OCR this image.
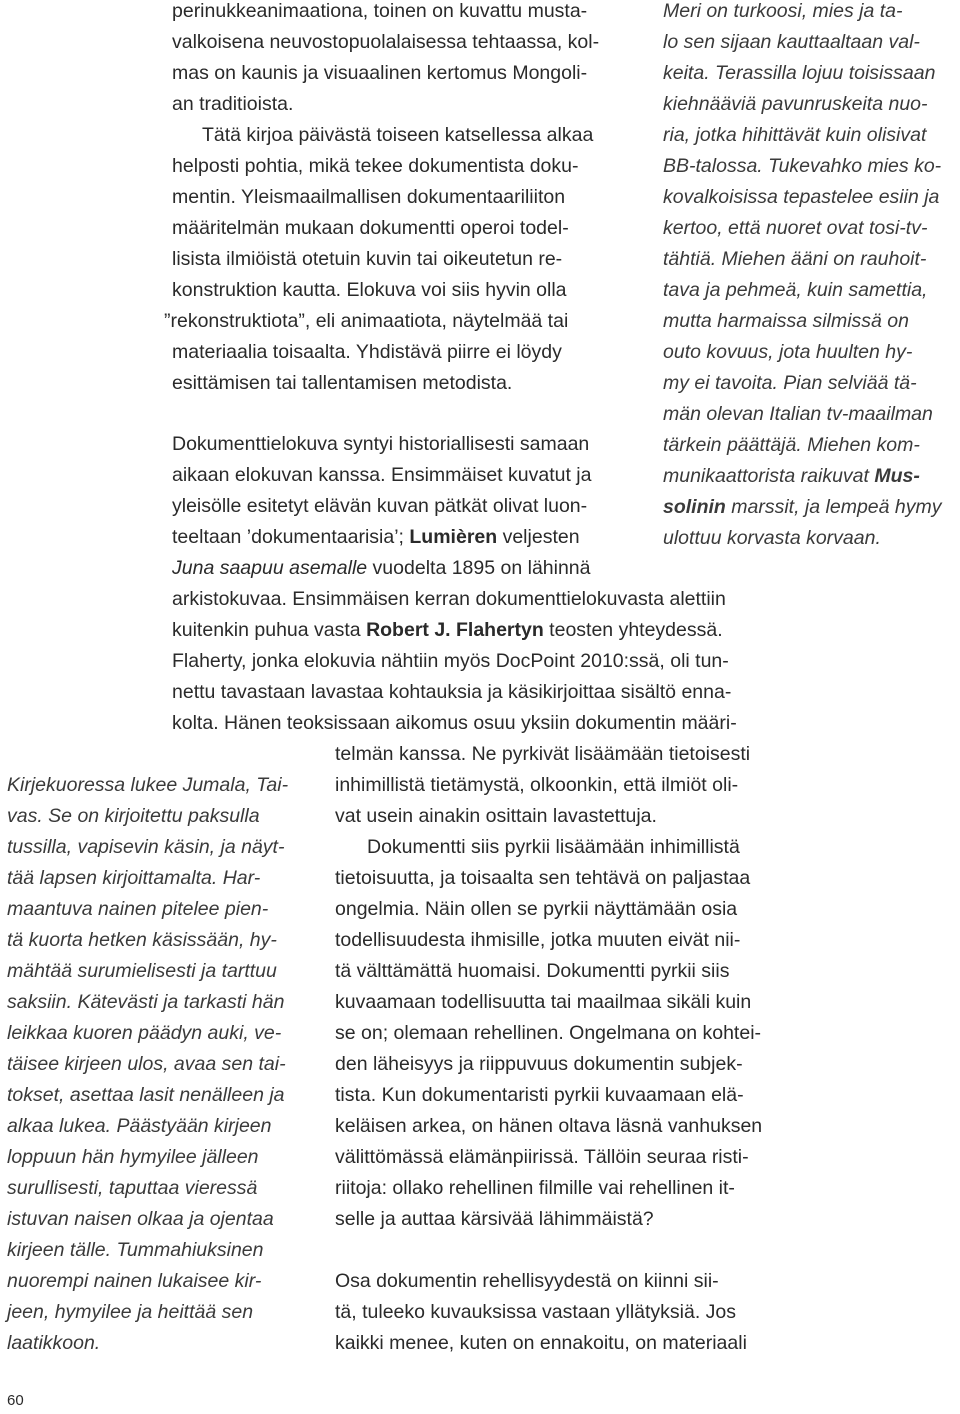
perinukkeanimaationa, toinen on kuvattu musta-
valkoisena neuvostopuolalaisessa tehtaassa, kol-
mas on kaunis ja visuaalinen kertomus Mongoli-
an traditioista.
Tätä kirjoa päivästä toiseen katsellessa alkaa
helposti pohtia, mikä tekee dokumentista doku-
mentin. Yleismaailmallisen dokumentaariliiton
määritelmän mukaan dokumentti operoi todel-
lisista ilmiöistä otetuin kuvin tai oikeutetun re-
konstruktion kautta. Elokuva voi siis hyvin olla
”rekonstruktiota”, eli animaatiota, näytelmää tai
materiaalia toisaalta. Yhdistävä piirre ei löydy
esittämisen tai tallentamisen metodista.
Dokumenttielokuva syntyi historiallisesti samaan
aikaan elokuvan kanssa. Ensimmäiset kuvatut ja
yleisölle esitetyt elävän kuvan pätkät olivat luon-
teeltaan ’dokumentaarisia’; Lumièren veljesten
Juna saapuu asemalle vuodelta 1895 on lähinnä
arkistokuvaa. Ensimmäisen kerran dokumenttielokuvasta alettiin
kuitenkin puhua vasta Robert J. Flahertyn teosten yhteydessä.
Flaherty, jonka elokuvia nähtiin myös DocPoint 2010:ssä, oli tun-
nettu tavastaan lavastaa kohtauksia ja käsikirjoittaa sisältö enna-
kolta. Hänen teoksissaan aikomus osuu yksiin dokumentin määri-
telmän kanssa. Ne pyrkivät lisäämään tietoisesti
inhimillistä tietämystä, olkoonkin, että ilmiöt oli-
vat usein ainakin osittain lavastettuja.
Dokumentti siis pyrkii lisäämään inhimillistä
tietoisuutta, ja toisaalta sen tehtävä on paljastaa
ongelmia. Näin ollen se pyrkii näyttämään osia
todellisuudesta ihmisille, jotka muuten eivät nii-
tä välttämättä huomaisi. Dokumentti pyrkii siis
kuvaamaan todellisuutta tai maailmaa sikäli kuin
se on; olemaan rehellinen. Ongelmana on kohtei-
den läheisyys ja riippuvuus dokumentin subjek-
tista. Kun dokumentaristi pyrkii kuvaamaan elä-
keläisen arkea, on hänen oltava läsnä vanhuksen
välittömässä elämänpiirissä. Tällöin seuraa risti-
riitoja: ollako rehellinen filmille vai rehellinen it-
selle ja auttaa kärsivää lähimmäistä?
Osa dokumentin rehellisyydestä on kiinni sii-
tä, tuleeko kuvauksissa vastaan yllätyksiä. Jos
kaikki menee, kuten on ennakoitu, on materiaali
Meri on turkoosi, mies ja ta-
lo sen sijaan kauttaaltaan val-
keita. Terassilla lojuu toisissaan
kiehnääviä pavunruskeita nuo-
ria, jotka hihittävät kuin olisivat
BB-talossa. Tukevahko mies ko-
kovalkoisissa tepastelee esiin ja
kertoo, että nuoret ovat tosi-tv-
tähtiä. Miehen ääni on rauhoit-
tava ja pehmeä, kuin samettia,
mutta harmaissa silmissä on
outo kovuus, jota huulten hy-
my ei tavoita. Pian selviää tä-
män olevan Italian tv-maailman
tärkein päättäjä. Miehen kom-
munikaattorista raikuvat Mus-
solinin marssit, ja lempeä hymy
ulottuu korvasta korvaan.
Kirjekuoressa lukee Jumala, Tai-
vas. Se on kirjoitettu paksulla
tussilla, vapisevin käsin, ja näyt-
tää lapsen kirjoittamalta. Har-
maantuva nainen pitelee pien-
tä kuorta hetken käsissään, hy-
mähtää surumielisesti ja tarttuu
saksiin. Kätevästi ja tarkasti hän
leikkaa kuoren päädyn auki, ve-
täisee kirjeen ulos, avaa sen tai-
tokset, asettaa lasit nenälleen ja
alkaa lukea. Päästyään kirjeen
loppuun hän hymyilee jälleen
surullisesti, taputtaa vieressä
istuvan naisen olkaa ja ojentaa
kirjeen tälle. Tummahiuksinen
nuorempi nainen lukaisee kir-
jeen, hymyilee ja heittää sen
laatikkoon.
60
